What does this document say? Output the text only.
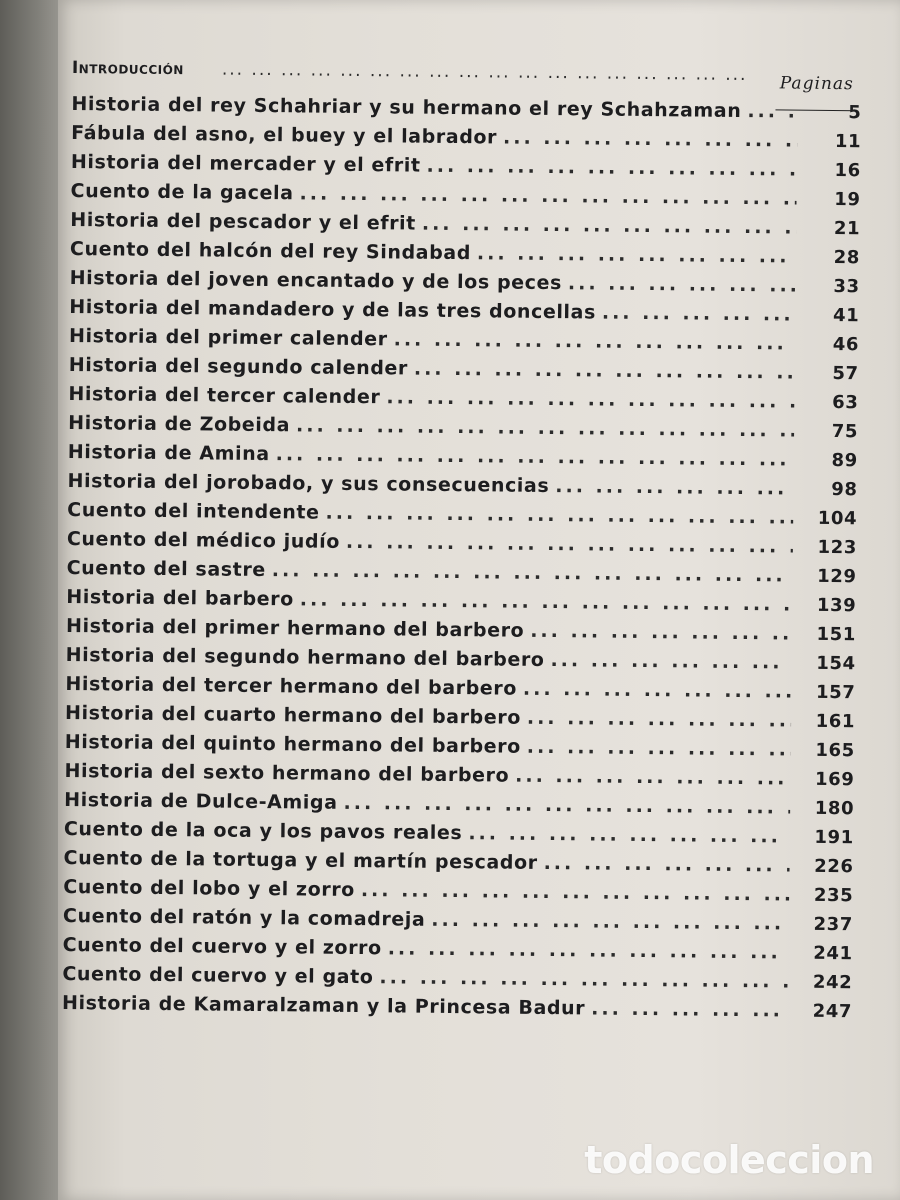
Introducción ... ... ... ... ... ... ... ... ... ... ... ... ... ... ... ... ... ...	Paginas
Historia del rey Schahriar y su hermano el rey Schahzaman ... .	5
Fábula del asno, el buey y el labrador ... .	11
Historia del mercader y el efrit ... .	16
Cuento de la gacela ... .	19
Historia del pescador y el efrit ... .	21
Cuento del halcón del rey Sindabad ... .	28
Historia del joven encantado y de los peces ... .	33
Historia del mandadero y de las tres doncellas ... .	41
Historia del primer calender ... .	46
Historia del segundo calender ... .	57
Historia del tercer calender ... .	63
Historia de Zobeida ... .	75
Historia de Amina ... .	89
Historia del jorobado, y sus consecuencias ... .	98
Cuento del intendente ... .	104
Cuento del médico judío ... .	123
Cuento del sastre ... .	129
Historia del barbero ... .	139
Historia del primer hermano del barbero ... .	151
Historia del segundo hermano del barbero ... .	154
Historia del tercer hermano del barbero ... .	157
Historia del cuarto hermano del barbero ... .	161
Historia del quinto hermano del barbero ... .	165
Historia del sexto hermano del barbero ... .	169
Historia de Dulce-Amiga ... .	180
Cuento de la oca y los pavos reales ... .	191
Cuento de la tortuga y el martín pescador ... .	226
Cuento del lobo y el zorro ... .	235
Cuento del ratón y la comadreja ... .	237
Cuento del cuervo y el zorro ... .	241
Cuento del cuervo y el gato ... .	242
Historia de Kamaralzaman y la Princesa Badur ... .	247
todocoleccion
